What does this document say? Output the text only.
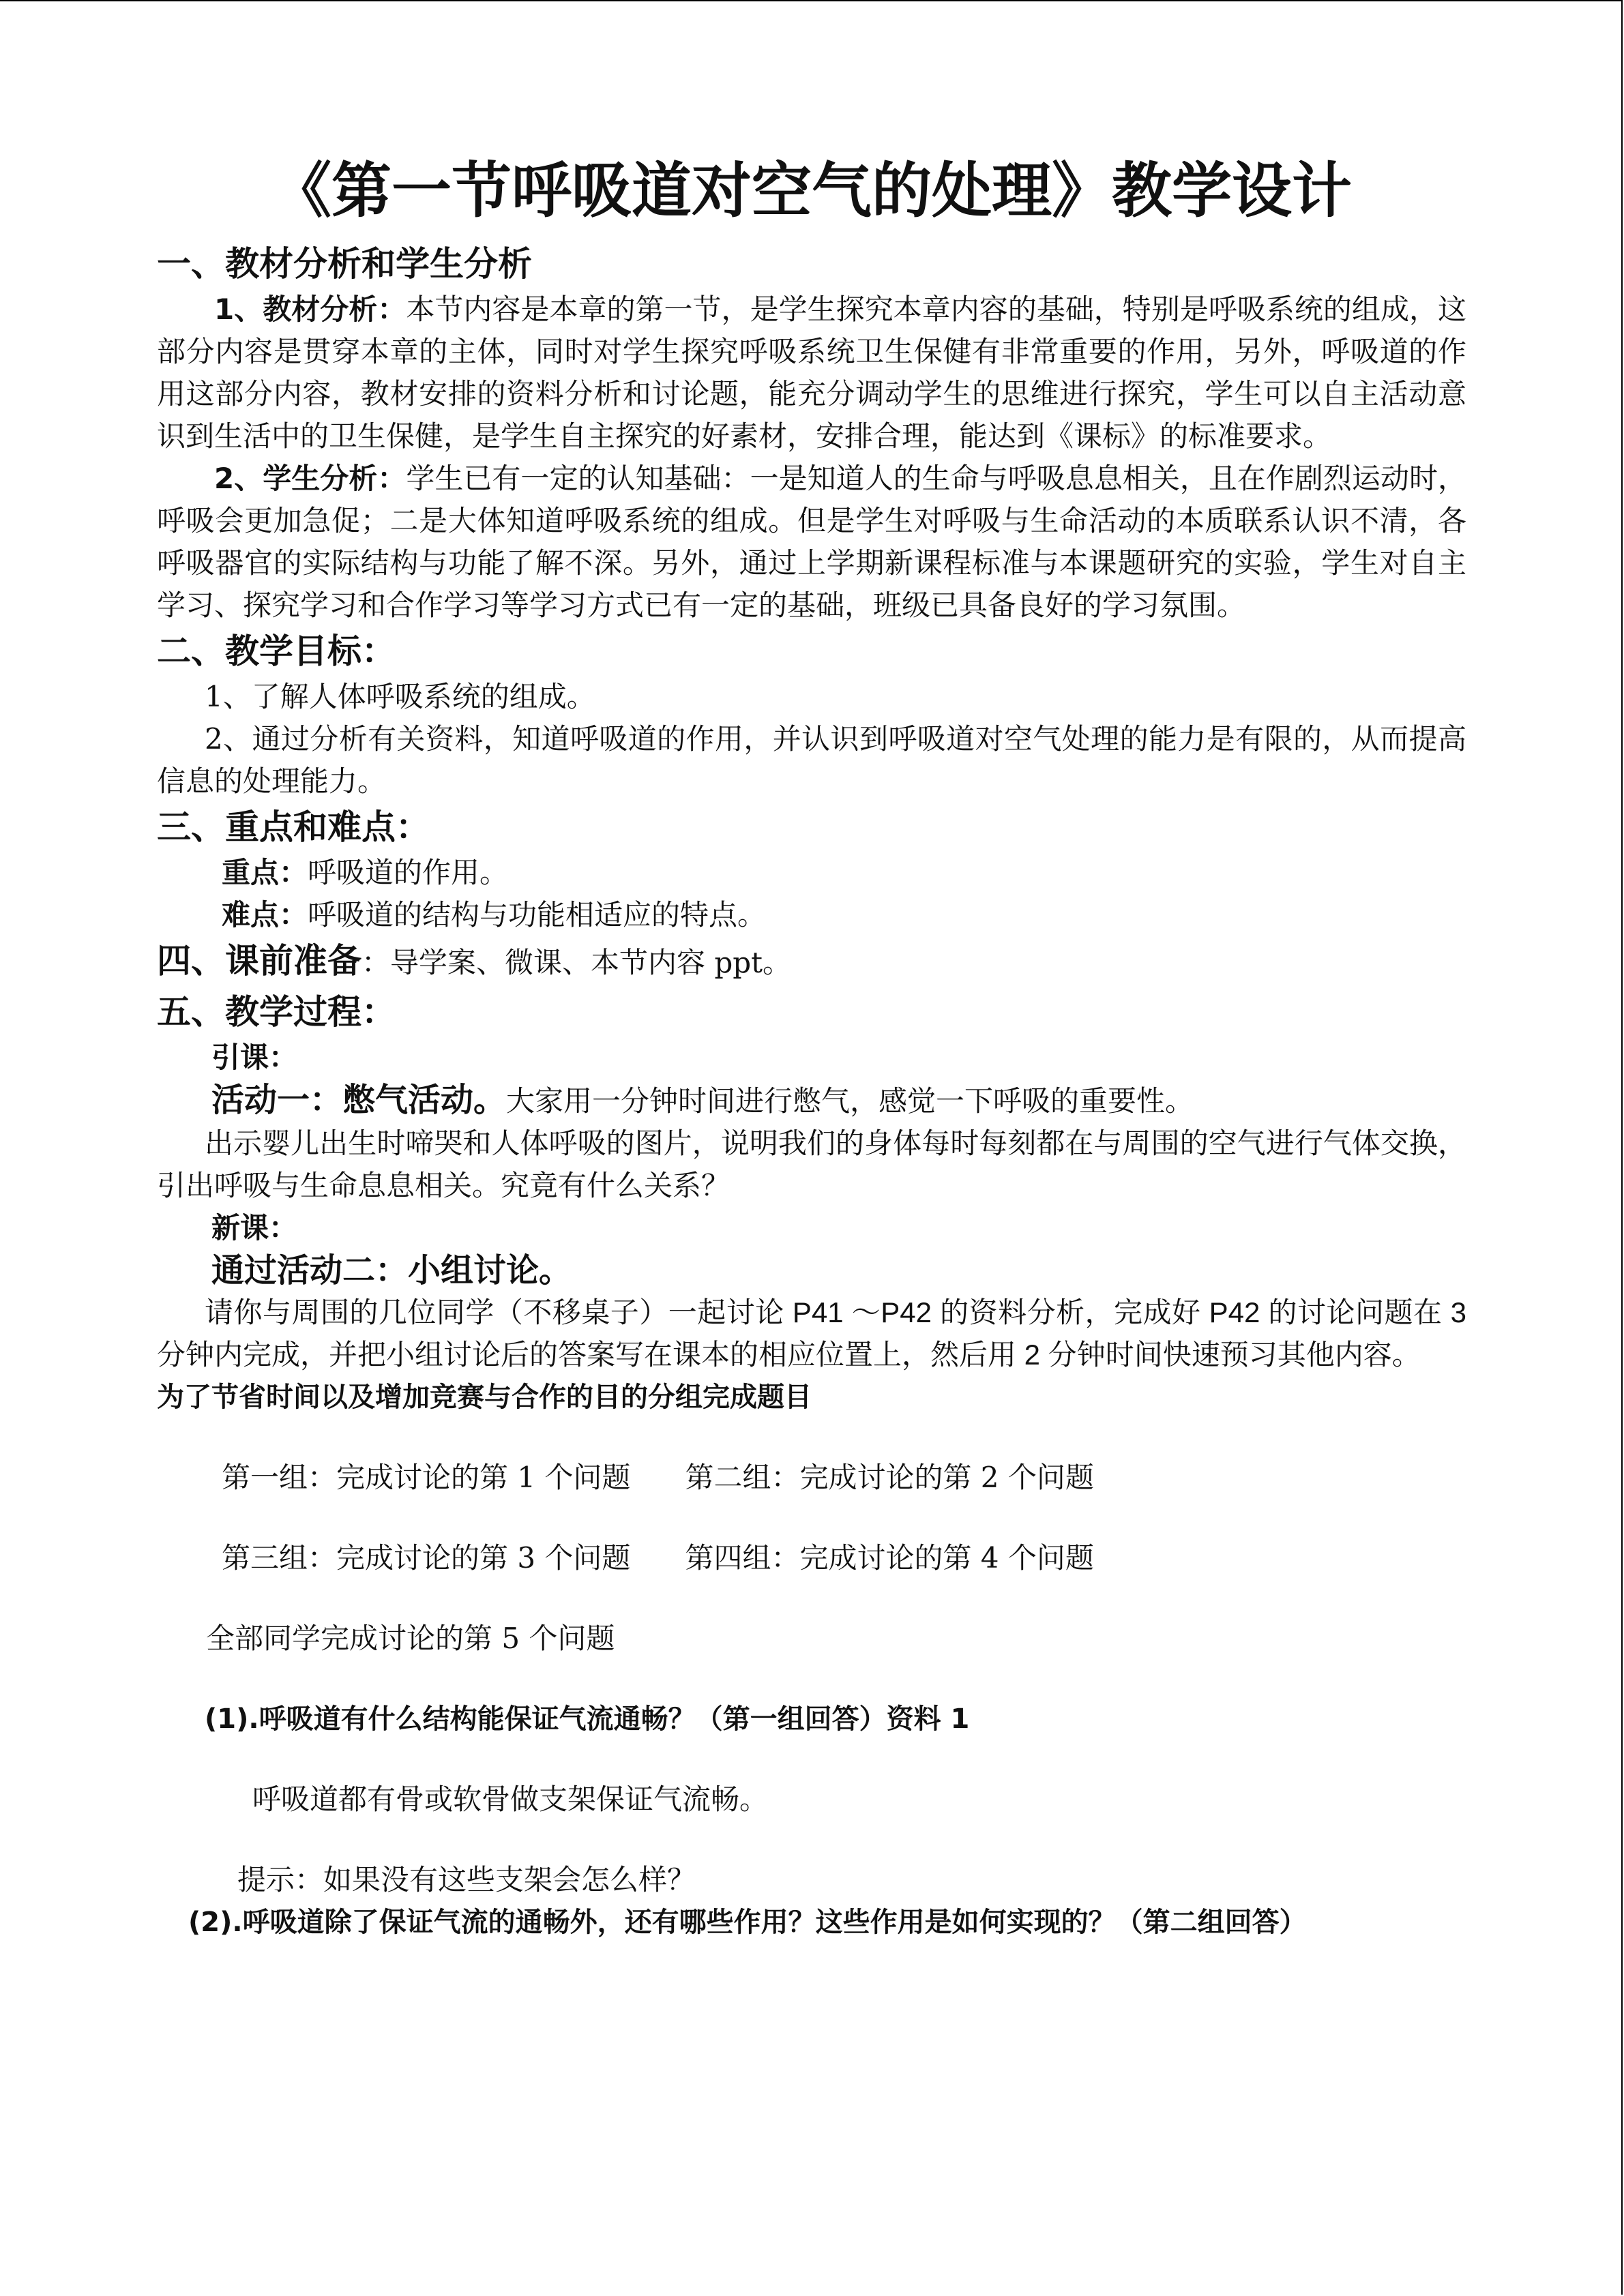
《第一节呼吸道对空气的处理》教学设计
一、教材分析和学生分析

1、教材分析：本节内容是本章的第一节，是学生探究本章内容的基础，特别是呼吸系统的组成，这部分内容是贯穿本章的主体，同时对学生探究呼吸系统卫生保健有非常重要的作用，另外，呼吸道的作用这部分内容，教材安排的资料分析和讨论题，能充分调动学生的思维进行探究，学生可以自主活动意识到生活中的卫生保健，是学生自主探究的好素材，安排合理，能达到《课标》的标准要求。

2、学生分析：学生已有一定的认知基础：一是知道人的生命与呼吸息息相关，且在作剧烈运动时，呼吸会更加急促；二是大体知道呼吸系统的组成。但是学生对呼吸与生命活动的本质联系认识不清，各呼吸器官的实际结构与功能了解不深。另外，通过上学期新课程标准与本课题研究的实验，学生对自主学习、探究学习和合作学习等学习方式已有一定的基础，班级已具备良好的学习氛围。

二、教学目标：

1、了解人体呼吸系统的组成。

2、通过分析有关资料，知道呼吸道的作用，并认识到呼吸道对空气处理的能力是有限的，从而提高信息的处理能力。

三、重点和难点：

重点：呼吸道的作用。

难点：呼吸道的结构与功能相适应的特点。

四、课前准备：导学案、微课、本节内容 ppt。
五、教学过程：

引课：

活动一：憋气活动。大家用一分钟时间进行憋气，感觉一下呼吸的重要性。

出示婴儿出生时啼哭和人体呼吸的图片，说明我们的身体每时每刻都在与周围的空气进行气体交换，引出呼吸与生命息息相关。究竟有什么关系？

新课：

通过活动二：小组讨论。

请你与周围的几位同学（不移桌子）一起讨论 P41 ～P42 的资料分析，完成好 P42 的讨论问题在 3 分钟内完成，并把小组讨论后的答案写在课本的相应位置上，然后用 2 分钟时间快速预习其他内容。

为了节省时间以及增加竞赛与合作的目的分组完成题目

第一组：完成讨论的第 1 个问题 第二组：完成讨论的第 2 个问题
第三组：完成讨论的第 3 个问题 第四组：完成讨论的第 4 个问题

全部同学完成讨论的第 5 个问题

(1).呼吸道有什么结构能保证气流通畅？（第一组回答）资料 1

呼吸道都有骨或软骨做支架保证气流畅。

提示：如果没有这些支架会怎么样？

(2).呼吸道除了保证气流的通畅外，还有哪些作用？这些作用是如何实现的？（第二组回答）
